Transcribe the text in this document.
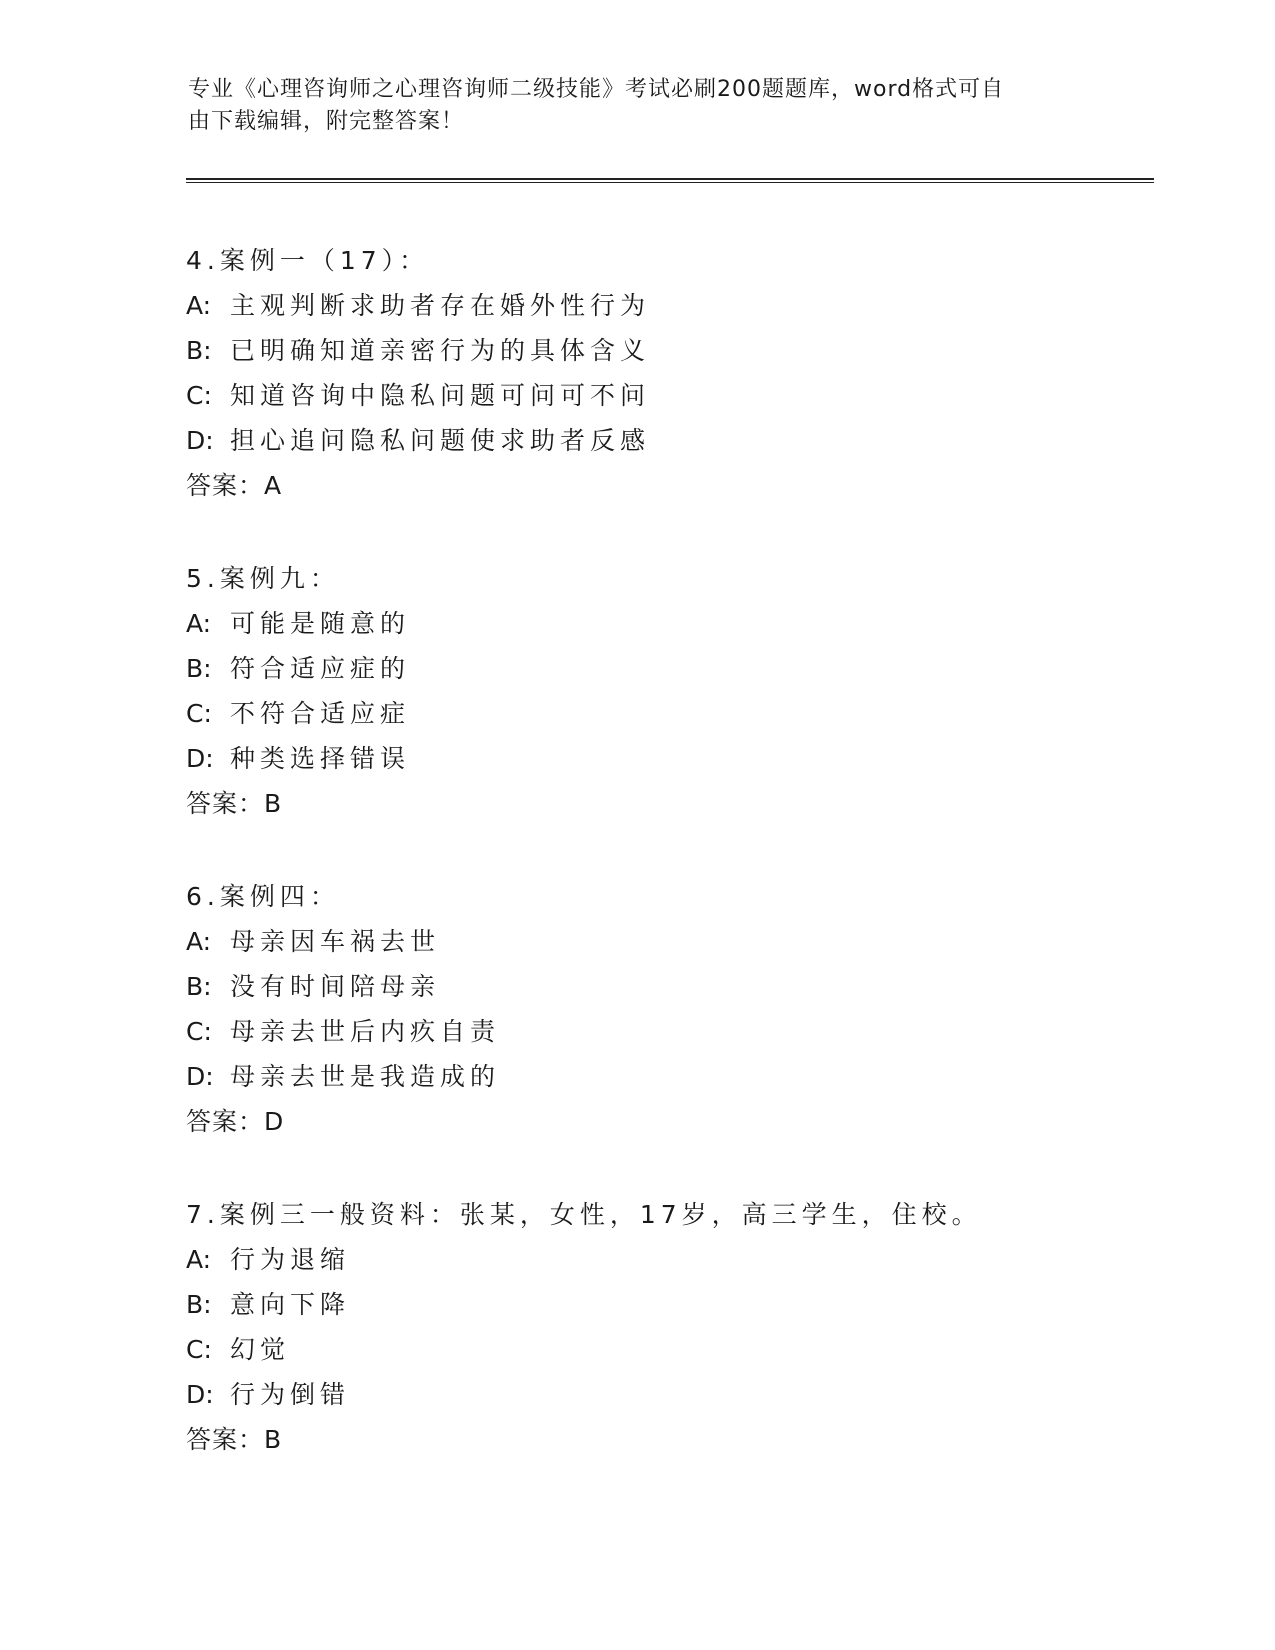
专业《心理咨询师之心理咨询师二级技能》考试必刷200题题库，word格式可自
由下载编辑，附完整答案！
4.案例一（17）：
A: 主观判断求助者存在婚外性行为
B: 已明确知道亲密行为的具体含义
C: 知道咨询中隐私问题可问可不问
D: 担心追问隐私问题使求助者反感
答案：A
5.案例九：
A: 可能是随意的
B: 符合适应症的
C: 不符合适应症
D: 种类选择错误
答案：B
6.案例四：
A: 母亲因车祸去世
B: 没有时间陪母亲
C: 母亲去世后内疚自责
D: 母亲去世是我造成的
答案：D
7.案例三一般资料：张某，女性，17岁，高三学生，住校。
A: 行为退缩
B: 意向下降
C: 幻觉
D: 行为倒错
答案：B
